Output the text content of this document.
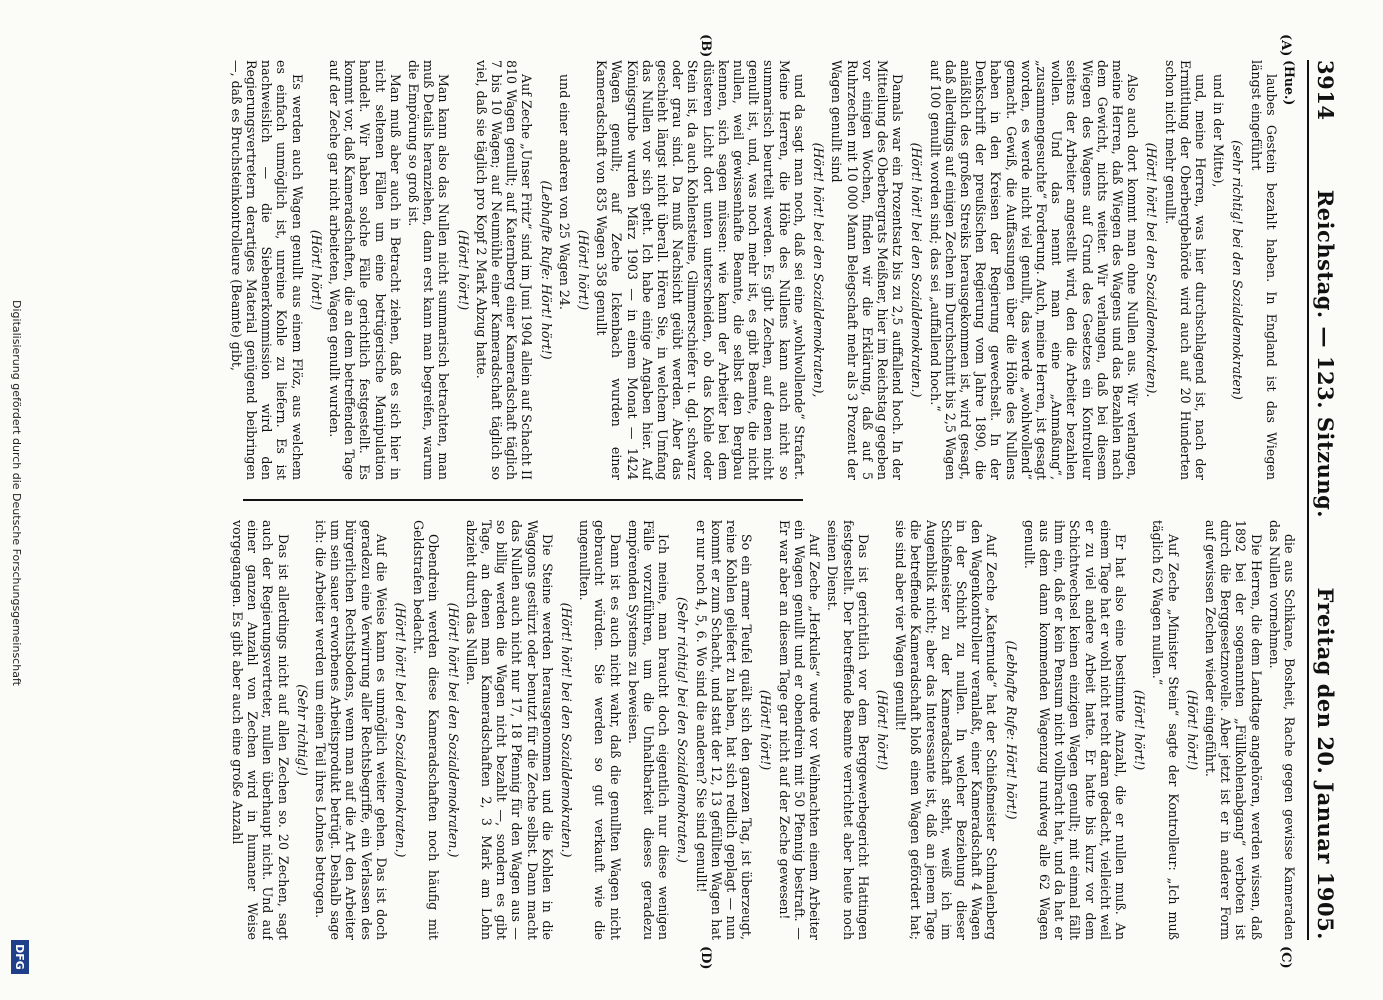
3914
Reichstag. — 123. Sitzung.
Freitag den 20. Januar 1905.
(A)
(B)
(C)
(D)

(Hue.)

laubes Gestein bezahlt haben. In England ist das Wiegen längst eingeführt

(sehr richtig! bei den Sozialdemokraten)

und in der Mitte),

und, meine Herren, was hier durchschlagend ist, nach der Ermittlung der Oberbergbehörde wird auch auf 20 Hunderten schon nicht mehr genullt.

(Hört! hört! bei den Sozialdemokraten).

Also auch dort kommt man ohne Nullen aus. Wir verlangen, meine Herren, daß Wiegen des Wagens und das Bezahlen nach dem Gewicht, nichts weiter. Wir verlangen, daß bei diesem Wiegen des Wagens auf Grund des Gesetzes ein Kontrolleur seitens der Arbeiter angestellt wird, den die Arbeiter bezahlen wollen. Und das nennt man eine „Anmaßung“, „zusammengesuchte“ Forderung. Auch, meine Herren, ist gesagt worden, es werde nicht viel genullt, das werde „wohlwollend“ gemacht. Gewiß, die Auffassungen über die Höhe des Nullens haben in den Kreisen der Regierung gewechselt. In der Denkschrift der preußischen Regierung vom Jahre 1890, die anläßlich des großen Streiks herausgekommen ist, wird gesagt, daß allerdings auf einigen Zechen im Durchschnitt bis 2,5 Wagen auf 100 genullt worden sind; das sei „auffallend hoch.“

(Hört! hört! bei den Sozialdemokraten.)

Damals war ein Prozentsatz bis zu 2,5 auffallend hoch. In der Mitteilung des Oberbergrats Meißner, hier im Reichstag gegeben vor einigen Wochen, finden wir die Erklärung, daß auf 5 Ruhrzechen mit 10 000 Mann Belegschaft mehr als 3 Prozent der Wagen genullt sind

(Hört! hört! bei den Sozialdemokraten),

und da sagt man noch, daß sei eine „wohlwollende“ Strafart. Meine Herren, die Höhe des Nullens kann auch nicht so summarisch beurteilt werden. Es gibt Zechen, auf denen nicht genullt ist, und, was noch mehr ist, es gibt Beamte, die nicht nullen, weil gewissenhafte Beamte, die selbst den Bergbau kennen, sich sagen müssen: wie kann der Arbeiter bei dem düsteren Licht dort unten unterscheiden, ob das Kohle oder Stein ist, da auch Kohlensteine, Glimmerschiefer u. dgl. schwarz oder grau sind. Da muß Nachsicht geübt werden. Aber das geschieht längst nicht überall. Hören Sie, in welchem Umfang das Nullen vor sich geht. Ich habe einige Angaben hier. Auf Königsgrube wurden März 1903 — in einem Monat — 1424 Wagen genullt; auf Zeche Ickenbach wurden einer Kameradschaft von 835 Wagen 358 genullt

(Hört! hört!)

und einer anderen von 25 Wagen 24.

(Lebhafte Rufe: Hört! hört!)

Auf Zeche „Unser Fritz“ sind im Juni 1904 allein auf Schacht II 810 Wagen genullt; auf Katernberg einer Kameradschaft täglich 7 bis 10 Wagen; auf Neumühle einer Kameradschaft täglich so viel, daß sie täglich pro Kopf 2 Mark Abzug hatte.

(Hört! hört!)

Man kann also das Nullen nicht summarisch betrachten, man muß Details heranziehen, dann erst kann man begreifen, warum die Empörung so groß ist.

Man muß aber auch in Betracht ziehen, daß es sich hier in nicht seltenen Fällen um eine betrügerische Manipulation handelt. Wir haben solche Fälle gerichtlich festgestellt. Es kommt vor, daß Kameradschaften, die an dem betreffenden Tage auf der Zeche gar nicht arbeiteten, Wagen genullt wurden.

(Hört! hört!)

Es werden auch Wagen genullt aus einem Flöz, aus welchem es einfach unmöglich ist, unreine Kohle zu liefern. Es ist nachweislich — die Siebenerkommission wird den Regierungsvertretern derartiges Material genügend beibringen —, daß es Bruchsteinkontrolleure (Beamte) gibt,

die aus Schikane, Bosheit, Rache gegen gewisse Kameraden das Nullen vornehmen.

Die Herren, die dem Landtage angehören, werden wissen, daß 1892 bei der sogenannten „Füllkohlenabgang“ verboten ist durch die Berggesetznovelle. Aber jetzt ist er in anderer Form auf gewissen Zechen wieder eingeführt.

(Hört! hört!)

Auf Zeche „Minister Stein“ sagte der Kontrolleur: „Ich muß täglich 62 Wagen nullen.“

(Hört! hört!)

Er hat also eine bestimmte Anzahl, die er nullen muß. An einem Tage hat er wohl nicht recht daran gedacht, vielleicht weil er zu viel andere Arbeit hatte. Er hatte bis kurz vor dem Schichtwechsel keinen einzigen Wagen genullt; mit einmal fällt ihm ein, daß er kein Pensum nicht vollbracht hat, und da hat er aus dem dann kommenden Wagenzug rundweg alle 62 Wagen genullt.

(Lebhafte Rufe: Hört! hört!)

Auf Zeche „Katernude“ hat der Schießmeister Schmalenberg den Wagenkontrolleur veranlaßt, einer Kameradschaft 4 Wagen in der Schicht zu nullen. In welcher Beziehung dieser Schießmeister zu der Kameradschaft steht, weiß ich im Augenblick nicht; aber das Interessante ist, daß an jenem Tage die betreffende Kameradschaft bloß einen Wagen gefördert hat; sie sind aber vier Wagen genullt!

(Hört! hört!)

Das ist gerichtlich vor dem Berggewerbegericht Hattingen festgestellt. Der betreffende Beamte verrichtet aber heute noch seinen Dienst.

Auf Zeche „Herkules“ wurde vor Weihnachten einem Arbeiter ein Wagen genullt und er obendrein mit 50 Pfennig bestraft. — Er war aber an diesem Tage gar nicht auf der Zeche gewesen!

(Hört! hört!)

So ein armer Teufel quält sich den ganzen Tag, ist überzeugt, reine Kohlen geliefert zu haben, hat sich redlich geplagt — nun kommt er zum Schacht, und statt der 12, 13 gefüllten Wagen hat er nur noch 4, 5, 6. Wo sind die anderen? Sie sind genullt!

(Sehr richtig! bei den Sozialdemokraten.)

Ich meine, man braucht doch eigentlich nur diese wenigen Fälle vorzuführen, um die Unhaltbarkeit dieses geradezu empörenden Systems zu beweisen.

Dann ist es auch nicht wahr, daß die genullten Wagen nicht gebraucht würden. Sie werden so gut verkauft wie die ungenullten.

(Hört! hört! bei den Sozialdemokraten.)

Die Steine werden herausgenommen und die Kohlen in die Waggons gestürzt oder benutzt für die Zeche selbst. Dann macht das Nullen auch nicht nur 17, 18 Pfennig für den Wagen aus — so billig werden die Wagen nicht bezahlt —, sondern es gibt Tage, an denen man Kameradschaften 2, 3 Mark am Lohn abzieht durch das Nullen.

(Hört! hört! bei den Sozialdemokraten.)

Obendrein werden diese Kameradschaften noch häufig mit Geldstrafen bedacht.

(Hört! hört! bei den Sozialdemokraten.)

Auf die Weise kann es unmöglich weiter gehen. Das ist doch geradezu eine Verwirrung aller Rechtsbegriffe, ein Verlassen des bürgerlichen Rechtsbodens, wenn man auf die Art den Arbeiter um sein sauer erworbenes Arbeitsprodukt betrügt. Deshalb sage ich: die Arbeiter werden um einen Teil ihres Lohnes betrogen.

(Sehr richtig!)

Das ist allerdings nicht auf allen Zechen so. 20 Zechen, sagt auch der Regierungsvertreter, nullen überhaupt nicht. Und auf einer ganzen Anzahl von Zechen wird in humaner Weise vorgegangen. Es gibt aber auch eine große Anzahl

Digitalisierung gefördert durch die Deutsche Forschungsgemeinschaft
DFG
